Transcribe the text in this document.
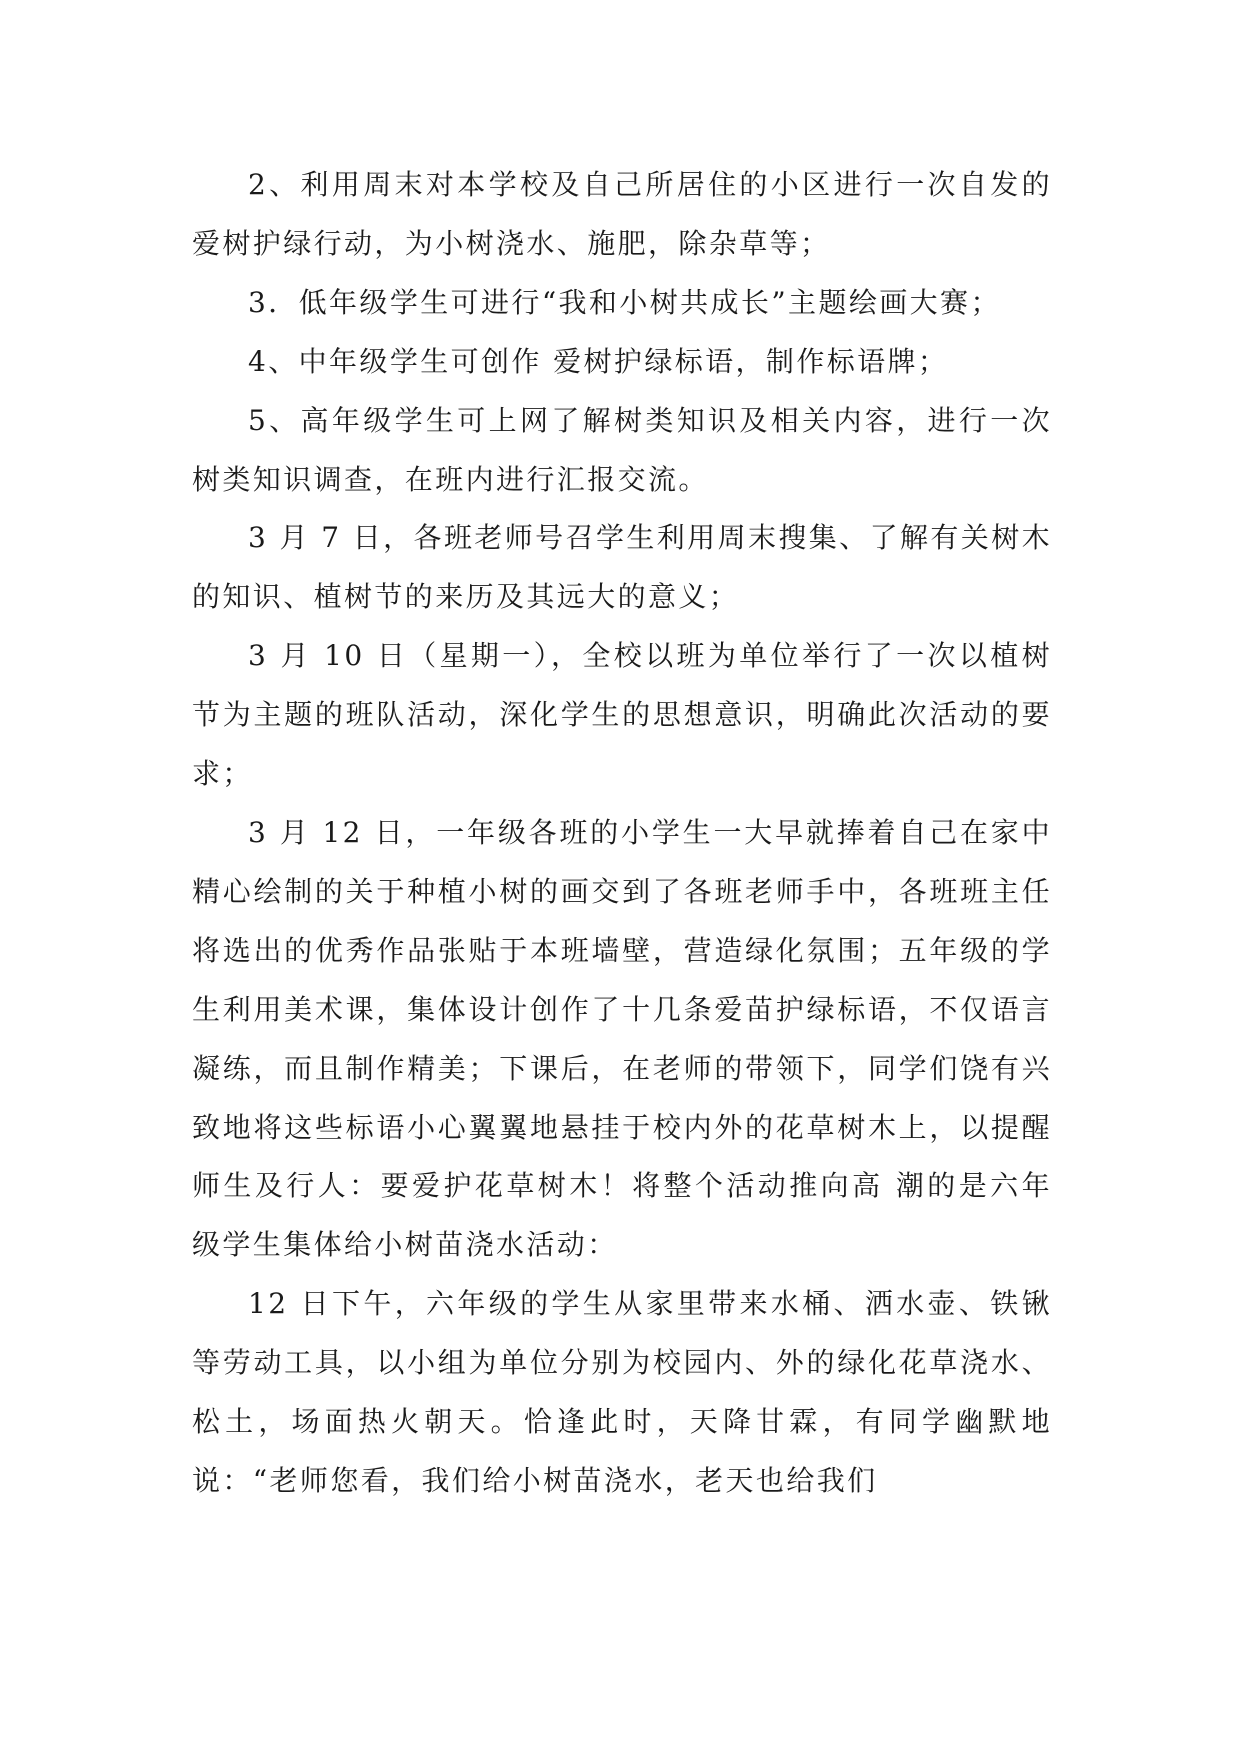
2、利用周末对本学校及自己所居住的小区进行一次自发的爱树护绿行动，为小树浇水、施肥，除杂草等；

3．低年级学生可进行“我和小树共成长”主题绘画大赛；

4、中年级学生可创作 爱树护绿标语，制作标语牌；

5、高年级学生可上网了解树类知识及相关内容，进行一次树类知识调查，在班内进行汇报交流。

3 月 7 日，各班老师号召学生利用周末搜集、了解有关树木的知识、植树节的来历及其远大的意义；

3 月 10 日（星期一），全校以班为单位举行了一次以植树节为主题的班队活动，深化学生的思想意识，明确此次活动的要求；

3 月 12 日，一年级各班的小学生一大早就捧着自己在家中精心绘制的关于种植小树的画交到了各班老师手中，各班班主任将选出的优秀作品张贴于本班墙壁，营造绿化氛围；五年级的学生利用美术课，集体设计创作了十几条爱苗护绿标语，不仅语言凝练，而且制作精美；下课后，在老师的带领下，同学们饶有兴致地将这些标语小心翼翼地悬挂于校内外的花草树木上，以提醒师生及行人：要爱护花草树木！将整个活动推向高 潮的是六年级学生集体给小树苗浇水活动：

12 日下午，六年级的学生从家里带来水桶、洒水壶、铁锹等劳动工具，以小组为单位分别为校园内、外的绿化花草浇水、松土，场面热火朝天。恰逢此时，天降甘霖，有同学幽默地说：“老师您看，我们给小树苗浇水，老天也给我们
